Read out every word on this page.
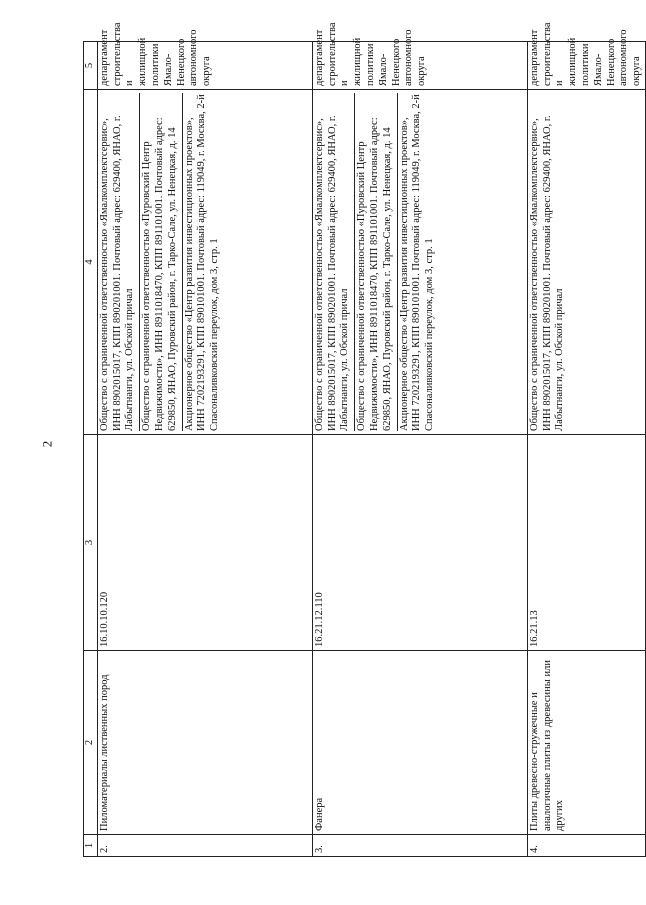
2
1	2	3	4	5
2.	Пиломатериалы лиственных пород	16.10.10.120	Общество с ограниченной ответственностью «Ямалкомплектсервис», ИНН 8902015017, КПП 890201001. Почтовый адрес: 629400, ЯНАО, г. Лабытнанги, ул. Обской причал Общество с ограниченной ответственностью «Пуровский Центр Недвижимости», ИНН 8911018470, КПП 891101001. Почтовый адрес: 629850, ЯНАО, Пуровский район, г. Тарко-Сале, ул. Ненецкая, д. 14 Акционерное общество «Центр развития инвестиционных проектов», ИНН 7202193291, КПП 890101001. Почтовый адрес: 119049, г. Москва, 2-й Спасоналивковский переулок, дом 3, стр. 1	департамент строительства и жилищной политики Ямало-Ненецкого автономного округа
3.	Фанера	16.21.12.110	Общество с ограниченной ответственностью «Ямалкомплектсервис», ИНН 8902015017, КПП 890201001. Почтовый адрес: 629400, ЯНАО, г. Лабытнанги, ул. Обской причал Общество с ограниченной ответственностью «Пуровский Центр Недвижимости», ИНН 8911018470, КПП 891101001. Почтовый адрес: 629850, ЯНАО, Пуровский район, г. Тарко-Сале, ул. Ненецкая, д. 14 Акционерное общество «Центр развития инвестиционных проектов», ИНН 7202193291, КПП 890101001. Почтовый адрес: 119049, г. Москва, 2-й Спасоналивковский переулок, дом 3, стр. 1	департамент строительства и жилищной политики Ямало-Ненецкого автономного округа
4.	Плиты древесно-стружечные и аналогичные плиты из древесины или других	16.21.13	Общество с ограниченной ответственностью «Ямалкомплектсервис», ИНН 8902015017, КПП 890201001. Почтовый адрес: 629400, ЯНАО, г. Лабытнанги, ул. Обской причал	департамент строительства и жилищной политики Ямало-Ненецкого автономного округа
